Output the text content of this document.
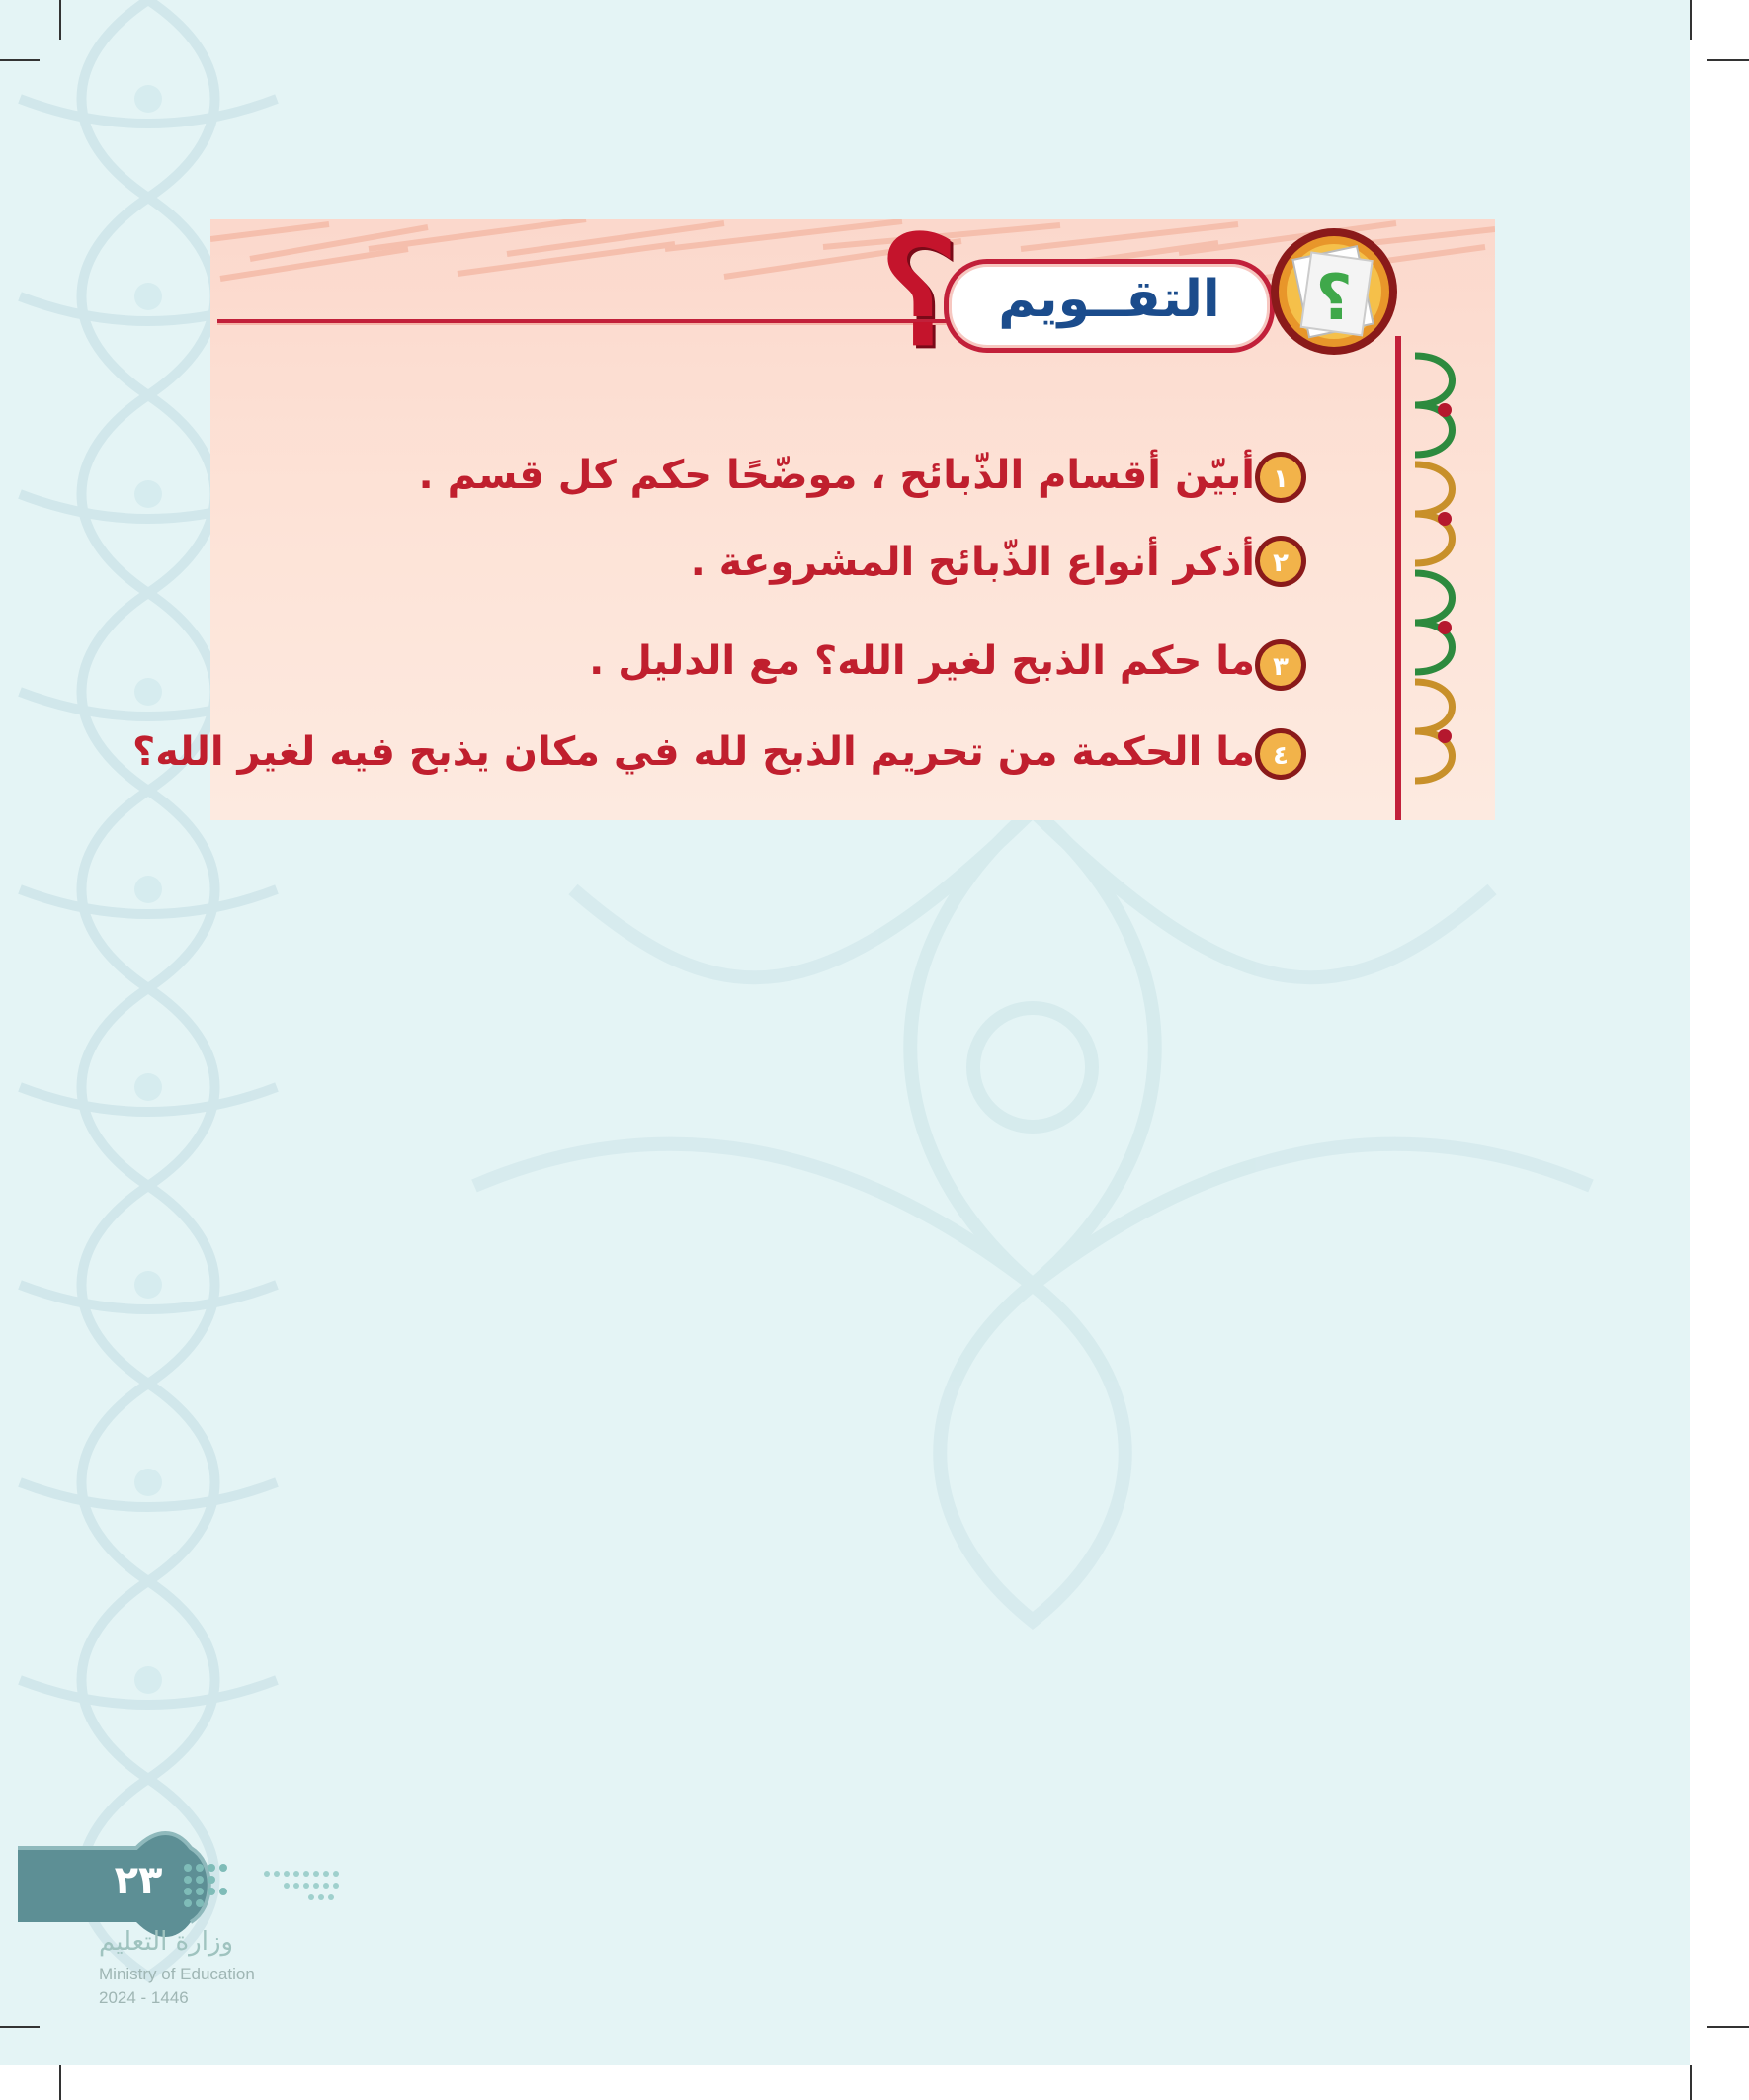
التقــويم
؟	؟
١
أبيّن أقسام الذّبائح ، موضّحًا حكم كل قسم .
٢
أذكر أنواع الذّبائح المشروعة .
٣
ما حكم الذبح لغير الله؟ مع الدليل .
٤
ما الحكمة من تحريم الذبح لله في مكان يذبح فيه لغير الله؟
٢٣
وزارة التعليم
Ministry of Education
2024 - 1446
